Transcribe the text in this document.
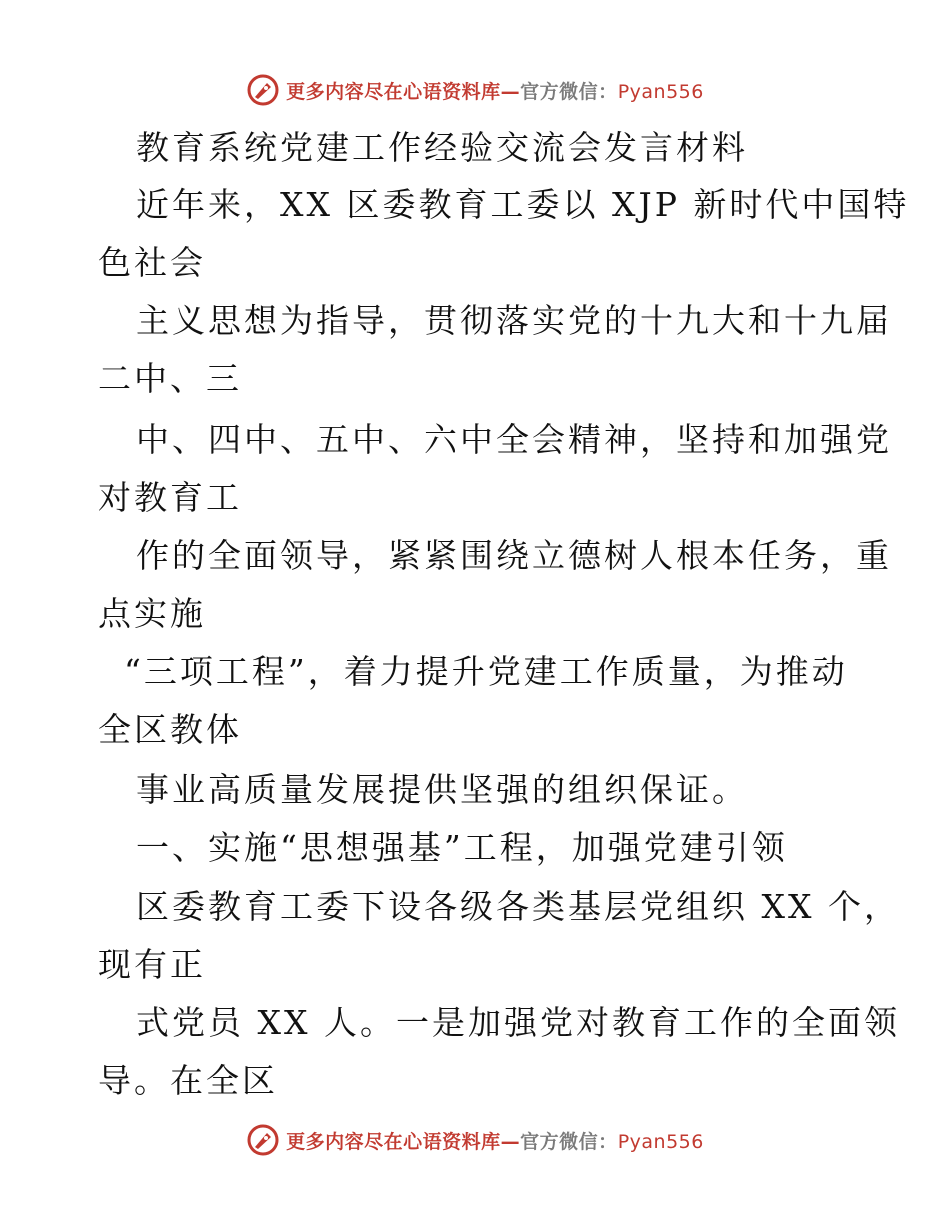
更多内容尽在心语资料库—官方微信：Pyan556
教育系统党建工作经验交流会发言材料
近年来，XX 区委教育工委以 XJP 新时代中国特
色社会
主义思想为指导，贯彻落实党的十九大和十九届
二中、三
中、四中、五中、六中全会精神，坚持和加强党
对教育工
作的全面领导，紧紧围绕立德树人根本任务，重
点实施
“三项工程”，着力提升党建工作质量，为推动
全区教体
事业高质量发展提供坚强的组织保证。
一、实施“思想强基”工程，加强党建引领
区委教育工委下设各级各类基层党组织 XX 个，
现有正
式党员 XX 人。一是加强党对教育工作的全面领
导。在全区
更多内容尽在心语资料库—官方微信：Pyan556
